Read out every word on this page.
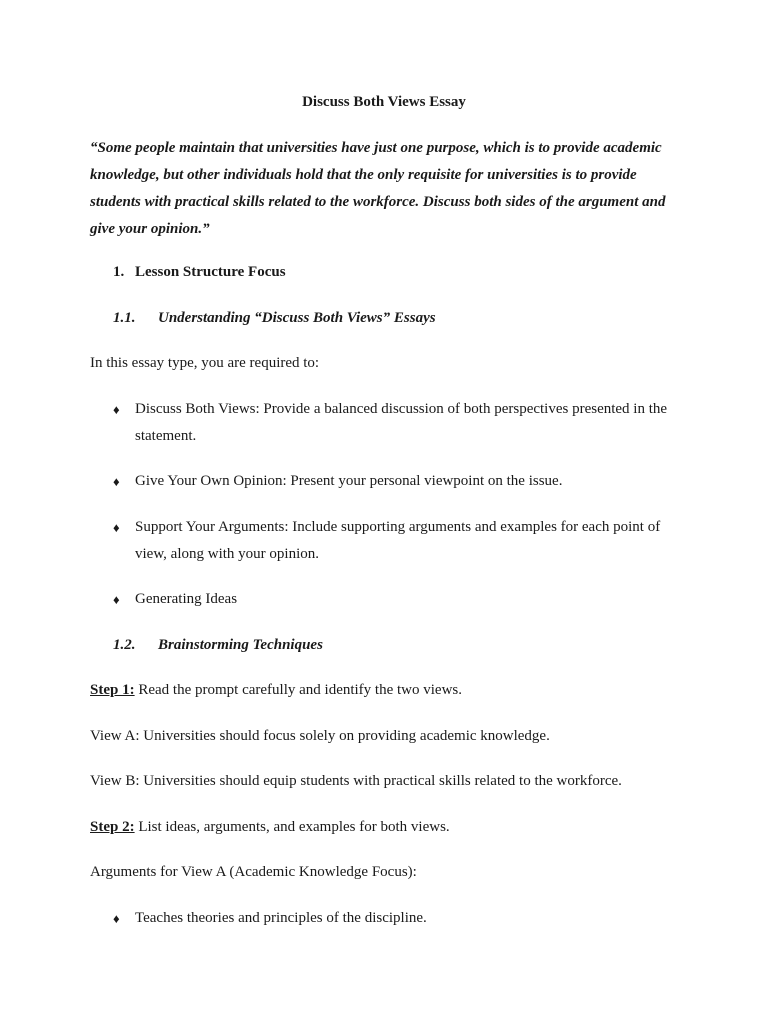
Discuss Both Views Essay
“Some people maintain that universities have just one purpose, which is to provide academic knowledge, but other individuals hold that the only requisite for universities is to provide students with practical skills related to the workforce. Discuss both sides of the argument and give your opinion.”
1. Lesson Structure Focus
1.1. Understanding “Discuss Both Views” Essays
In this essay type, you are required to:
♦ Discuss Both Views: Provide a balanced discussion of both perspectives presented in the statement.
♦ Give Your Own Opinion: Present your personal viewpoint on the issue.
♦ Support Your Arguments: Include supporting arguments and examples for each point of view, along with your opinion.
♦ Generating Ideas
1.2. Brainstorming Techniques
Step 1: Read the prompt carefully and identify the two views.
View A: Universities should focus solely on providing academic knowledge.
View B: Universities should equip students with practical skills related to the workforce.
Step 2: List ideas, arguments, and examples for both views.
Arguments for View A (Academic Knowledge Focus):
♦ Teaches theories and principles of the discipline.
